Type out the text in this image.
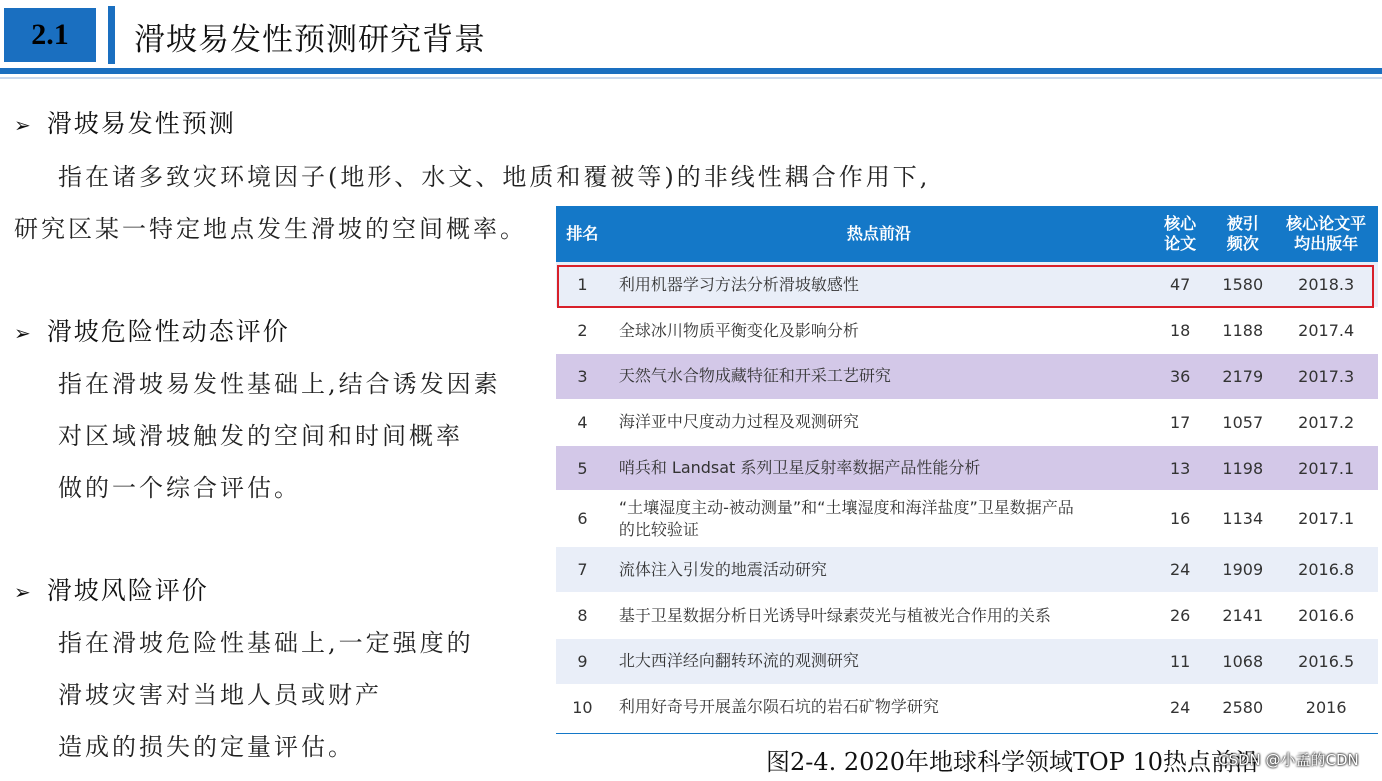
2.1	滑坡易发性预测研究背景
➢ 滑坡易发性预测
指在诸多致灾环境因子(地形、水文、地质和覆被等)的非线性耦合作用下,
研究区某一特定地点发生滑坡的空间概率。
➢ 滑坡危险性动态评价
指在滑坡易发性基础上,结合诱发因素
对区域滑坡触发的空间和时间概率
做的一个综合评估。
➢ 滑坡风险评价
指在滑坡危险性基础上,一定强度的
滑坡灾害对当地人员或财产
造成的损失的定量评估。
排名	热点前沿	核心论文	被引频次	核心论文平均出版年

1	利用机器学习方法分析滑坡敏感性	47	1580	2018.3
2	全球冰川物质平衡变化及影响分析	18	1188	2017.4
3	天然气水合物成藏特征和开采工艺研究	36	2179	2017.3
4	海洋亚中尺度动力过程及观测研究	17	1057	2017.2
5	哨兵和 Landsat 系列卫星反射率数据产品性能分析	13	1198	2017.1
6	“土壤湿度主动-被动测量”和“土壤湿度和海洋盐度”卫星数据产品的比较验证	16	1134	2017.1
7	流体注入引发的地震活动研究	24	1909	2016.8
8	基于卫星数据分析日光诱导叶绿素荧光与植被光合作用的关系	26	2141	2016.6
9	北大西洋经向翻转环流的观测研究	11	1068	2016.5
10	利用好奇号开展盖尔陨石坑的岩石矿物学研究	24	2580	2016
图2-4. 2020年地球科学领域TOP 10热点前沿
CSDN @小孟的CDN
